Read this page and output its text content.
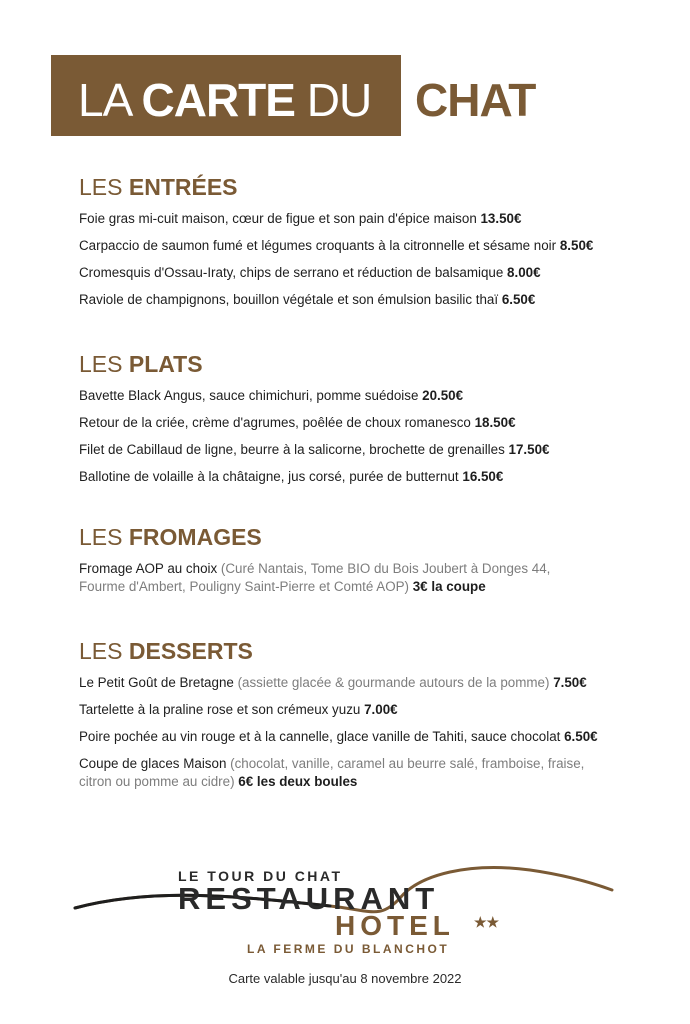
LA CARTE DU CHAT
LES ENTRÉES
Foie gras mi-cuit maison, cœur de figue et son pain d'épice maison 13.50€
Carpaccio de saumon fumé et légumes croquants à la citronnelle et sésame noir 8.50€
Cromesquis d'Ossau-Iraty, chips de serrano et réduction de balsamique 8.00€
Raviole de champignons, bouillon végétale et son émulsion basilic thaï 6.50€
LES PLATS
Bavette Black Angus, sauce chimichuri, pomme suédoise 20.50€
Retour de la criée, crème d'agrumes, poêlée de choux romanesco 18.50€
Filet de Cabillaud de ligne, beurre à la salicorne, brochette de grenailles 17.50€
Ballotine de volaille à la châtaigne, jus corsé, purée de butternut 16.50€
LES FROMAGES
Fromage AOP au choix (Curé Nantais, Tome BIO du Bois Joubert à Donges 44, Fourme d'Ambert, Pouligny Saint-Pierre et Comté AOP) 3€ la coupe
LES DESSERTS
Le Petit Goût de Bretagne (assiette glacée & gourmande autours de la pomme) 7.50€
Tartelette à la praline rose et son crémeux yuzu 7.00€
Poire pochée au vin rouge et à la cannelle, glace vanille de Tahiti, sauce chocolat 6.50€
Coupe de glaces Maison (chocolat, vanille, caramel au beurre salé, framboise, fraise, citron ou pomme au cidre) 6€ les deux boules
LE TOUR DU CHAT
RESTAURANT
HOTEL ★★
LA FERME DU BLANCHOT
Carte valable jusqu'au 8 novembre 2022
